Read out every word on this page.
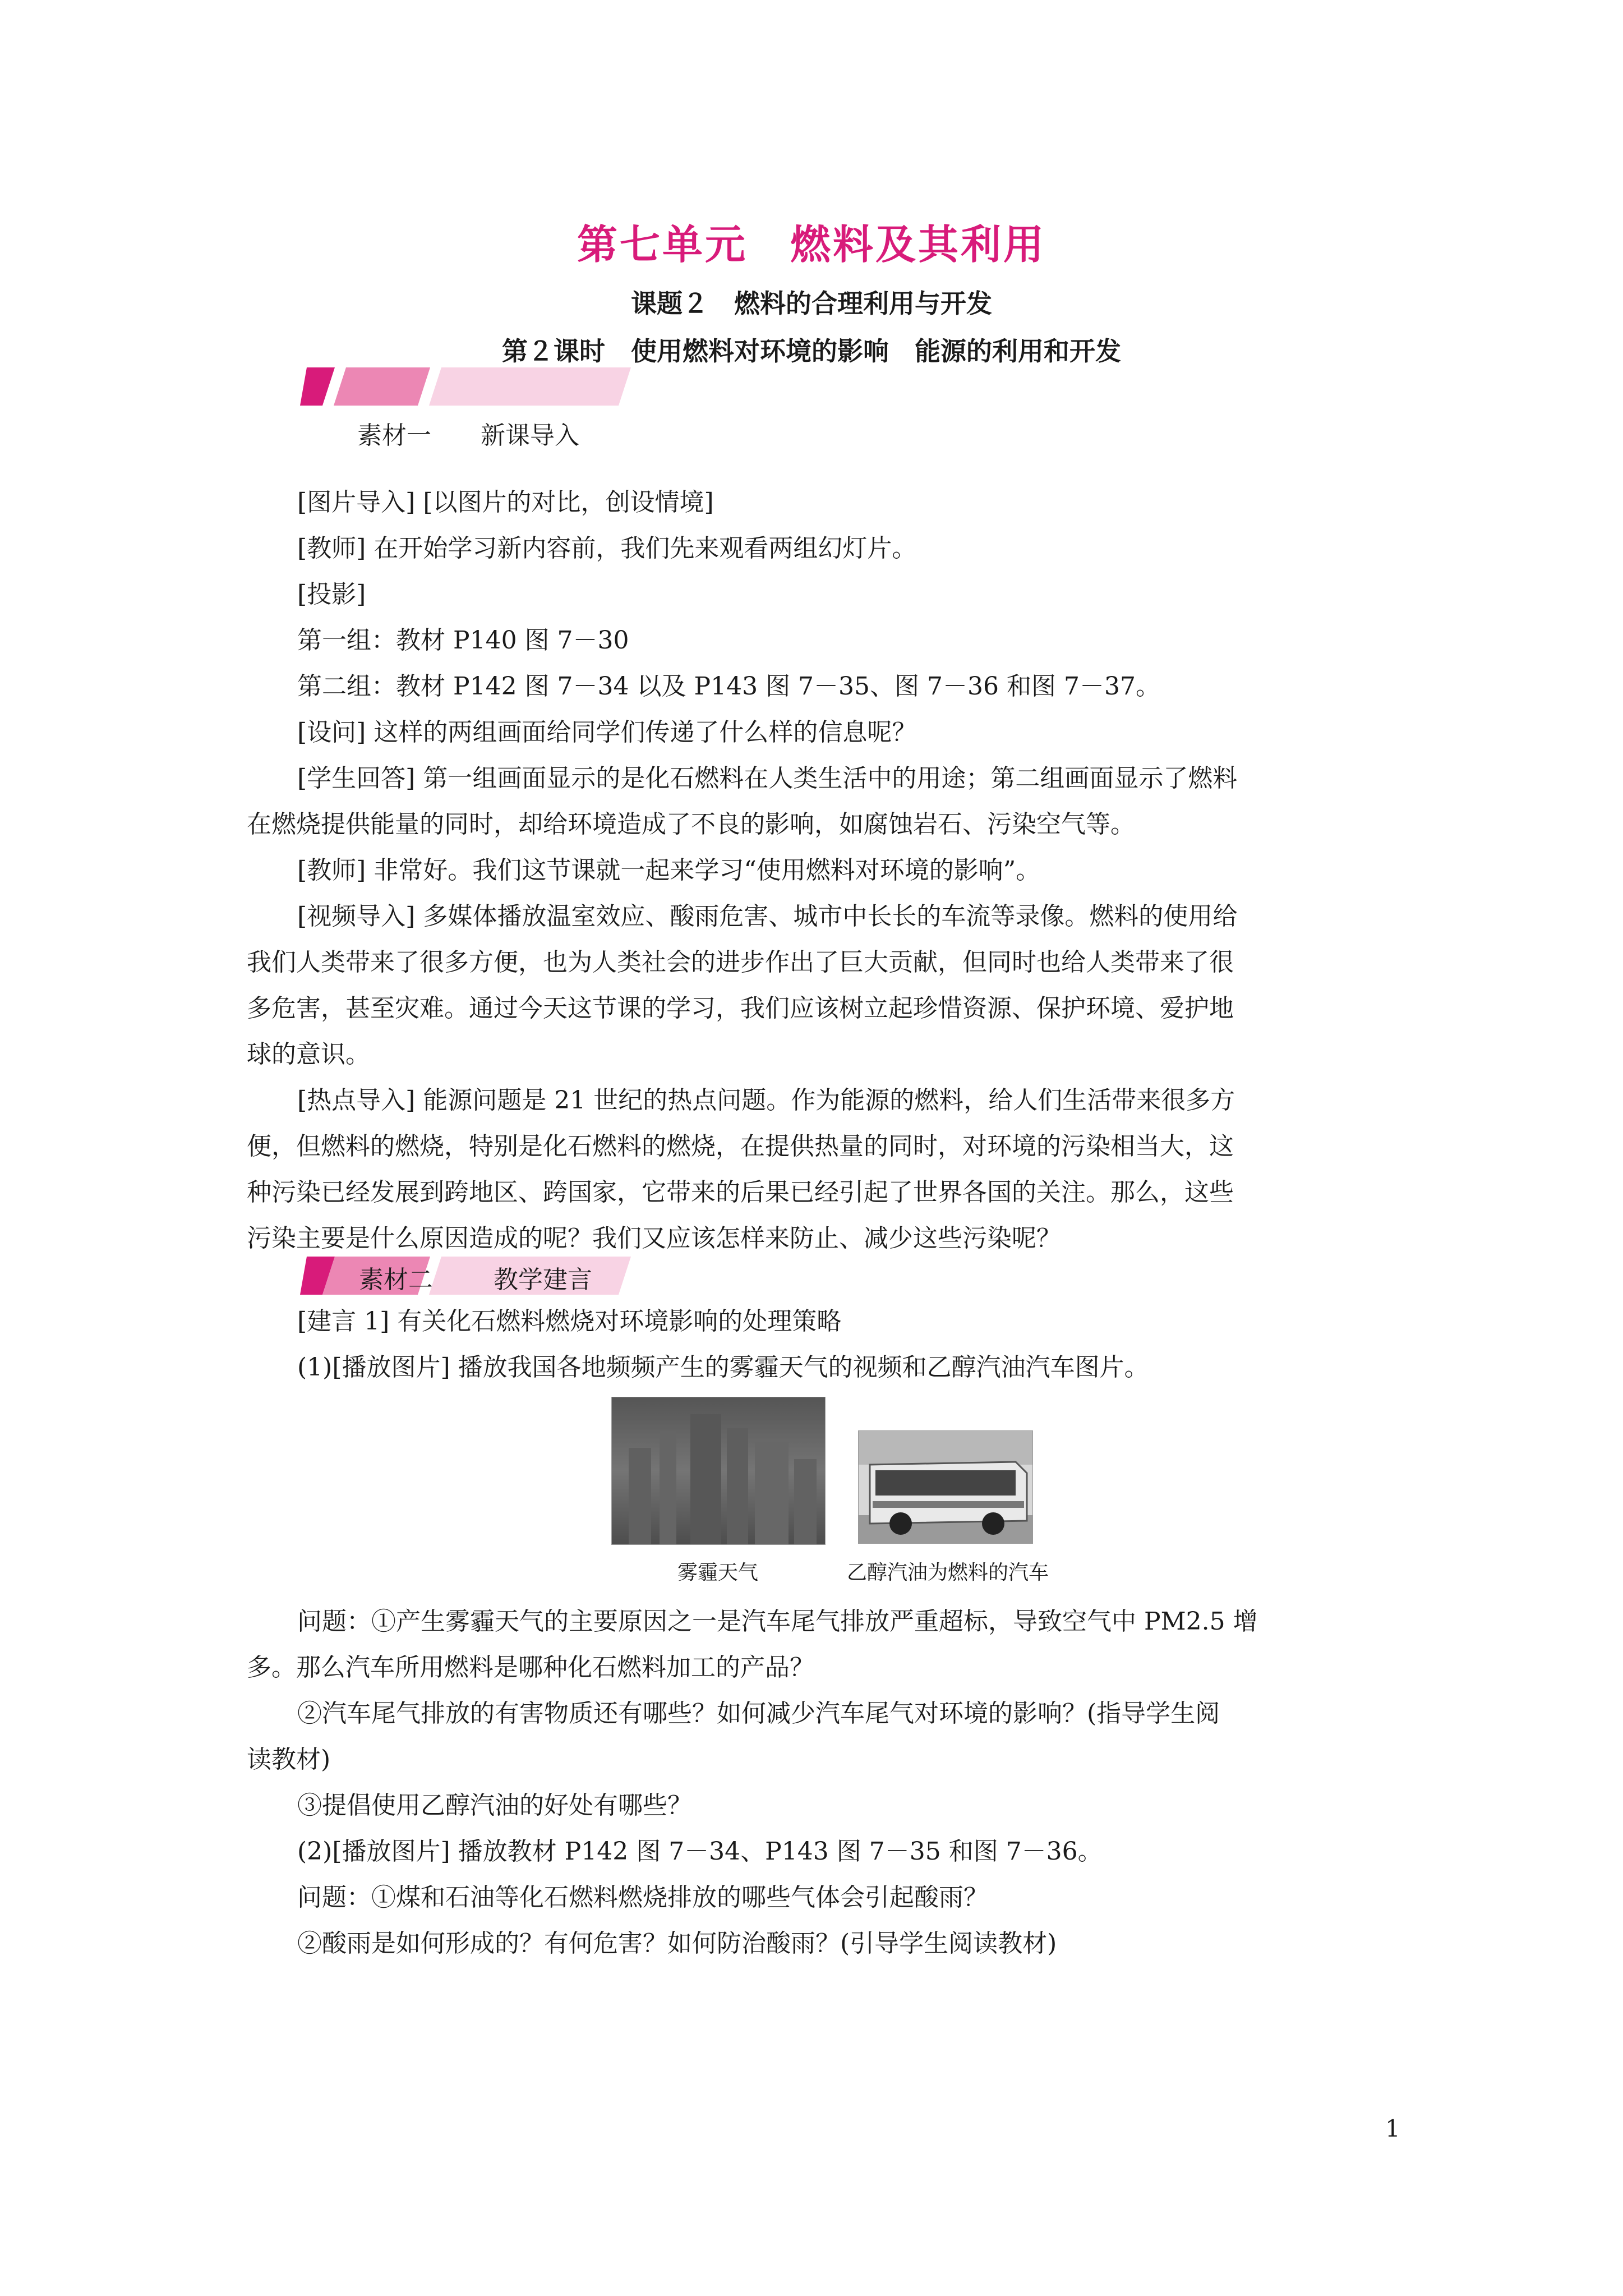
第七单元　燃料及其利用
课题２　燃料的合理利用与开发
第２课时　使用燃料对环境的影响　能源的利用和开发
素材一　　新课导入
[图片导入] [以图片的对比，创设情境]
[教师] 在开始学习新内容前，我们先来观看两组幻灯片。
[投影]
第一组：教材 P140 图 7－30
第二组：教材 P142 图 7－34 以及 P143 图 7－35、图 7－36 和图 7－37。
[设问] 这样的两组画面给同学们传递了什么样的信息呢？
[学生回答] 第一组画面显示的是化石燃料在人类生活中的用途；第二组画面显示了燃料
在燃烧提供能量的同时，却给环境造成了不良的影响，如腐蚀岩石、污染空气等。
[教师] 非常好。我们这节课就一起来学习“使用燃料对环境的影响”。
[视频导入] 多媒体播放温室效应、酸雨危害、城市中长长的车流等录像。燃料的使用给
我们人类带来了很多方便，也为人类社会的进步作出了巨大贡献，但同时也给人类带来了很
多危害，甚至灾难。通过今天这节课的学习，我们应该树立起珍惜资源、保护环境、爱护地
球的意识。
[热点导入] 能源问题是 21 世纪的热点问题。作为能源的燃料，给人们生活带来很多方
便，但燃料的燃烧，特别是化石燃料的燃烧，在提供热量的同时，对环境的污染相当大，这
种污染已经发展到跨地区、跨国家，它带来的后果已经引起了世界各国的关注。那么，这些
污染主要是什么原因造成的呢？我们又应该怎样来防止、减少这些污染呢？
素材二 教学建言
[建言 1] 有关化石燃料燃烧对环境影响的处理策略
(1)[播放图片] 播放我国各地频频产生的雾霾天气的视频和乙醇汽油汽车图片。
雾霾天气	乙醇汽油为燃料的汽车
问题：①产生雾霾天气的主要原因之一是汽车尾气排放严重超标，导致空气中 PM2.5 增
多。那么汽车所用燃料是哪种化石燃料加工的产品？
②汽车尾气排放的有害物质还有哪些？如何减少汽车尾气对环境的影响？(指导学生阅
读教材)
③提倡使用乙醇汽油的好处有哪些？
(2)[播放图片] 播放教材 P142 图 7－34、P143 图 7－35 和图 7－36。
问题：①煤和石油等化石燃料燃烧排放的哪些气体会引起酸雨？
②酸雨是如何形成的？有何危害？如何防治酸雨？(引导学生阅读教材)
1
